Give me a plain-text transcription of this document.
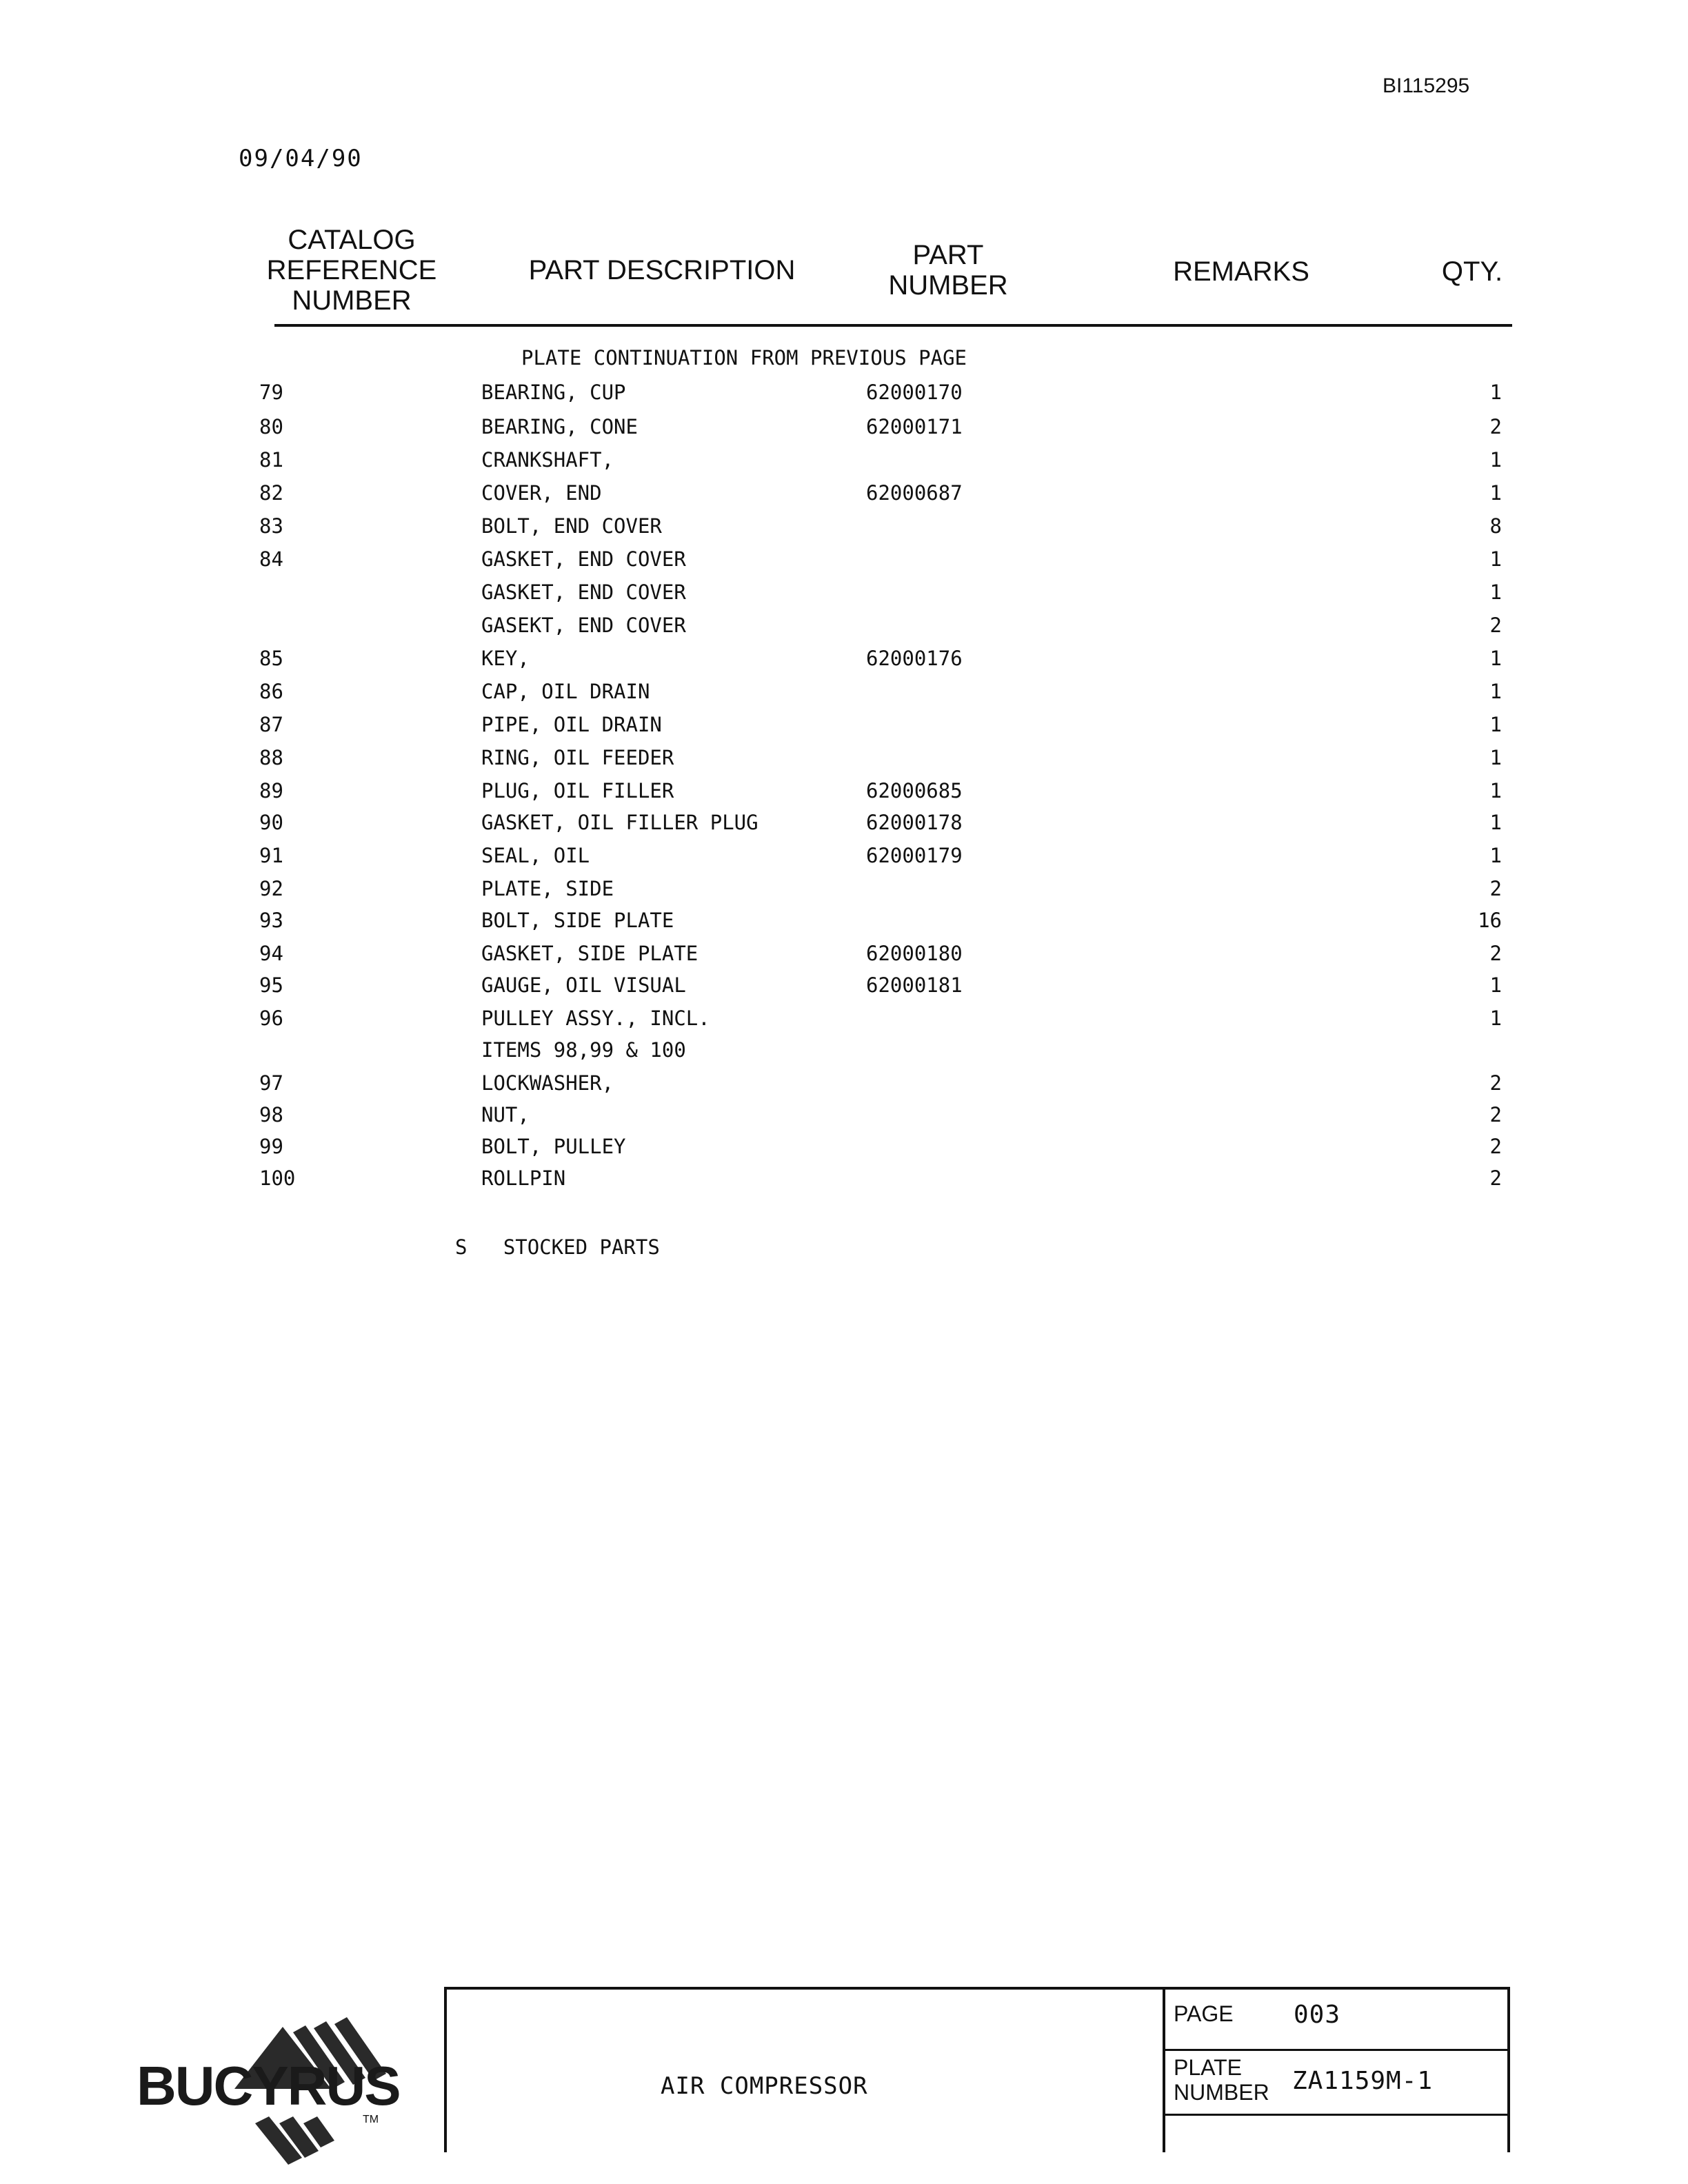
BI115295
09/04/90
CATALOG REFERENCE NUMBER
PART DESCRIPTION	PART NUMBER	REMARKS	QTY.
PLATE CONTINUATION FROM PREVIOUS PAGE
79	BEARING, CUP	62000170	1
80	BEARING, CONE	62000171	2
81	CRANKSHAFT,	1
82	COVER, END	62000687	1
83	BOLT, END COVER	8
84	GASKET, END COVER	1
GASKET, END COVER	1
GASEKT, END COVER	2
85	KEY,	62000176	1
86	CAP, OIL DRAIN	1
87	PIPE, OIL DRAIN	1
88	RING, OIL FEEDER	1
89	PLUG, OIL FILLER	62000685	1
90	GASKET, OIL FILLER PLUG	62000178	1
91	SEAL, OIL	62000179	1
92	PLATE, SIDE	2
93	BOLT, SIDE PLATE	16
94	GASKET, SIDE PLATE	62000180	2
95	GAUGE, OIL VISUAL	62000181	1
96	PULLEY ASSY., INCL.	1
ITEMS 98,99 & 100
97	LOCKWASHER,	2
98	NUT,	2
99	BOLT, PULLEY	2
100	ROLLPIN	2
S   STOCKED PARTS
BUCYRUS
TM
AIR COMPRESSOR
PAGE 003
PLATE
NUMBER ZA1159M-1
